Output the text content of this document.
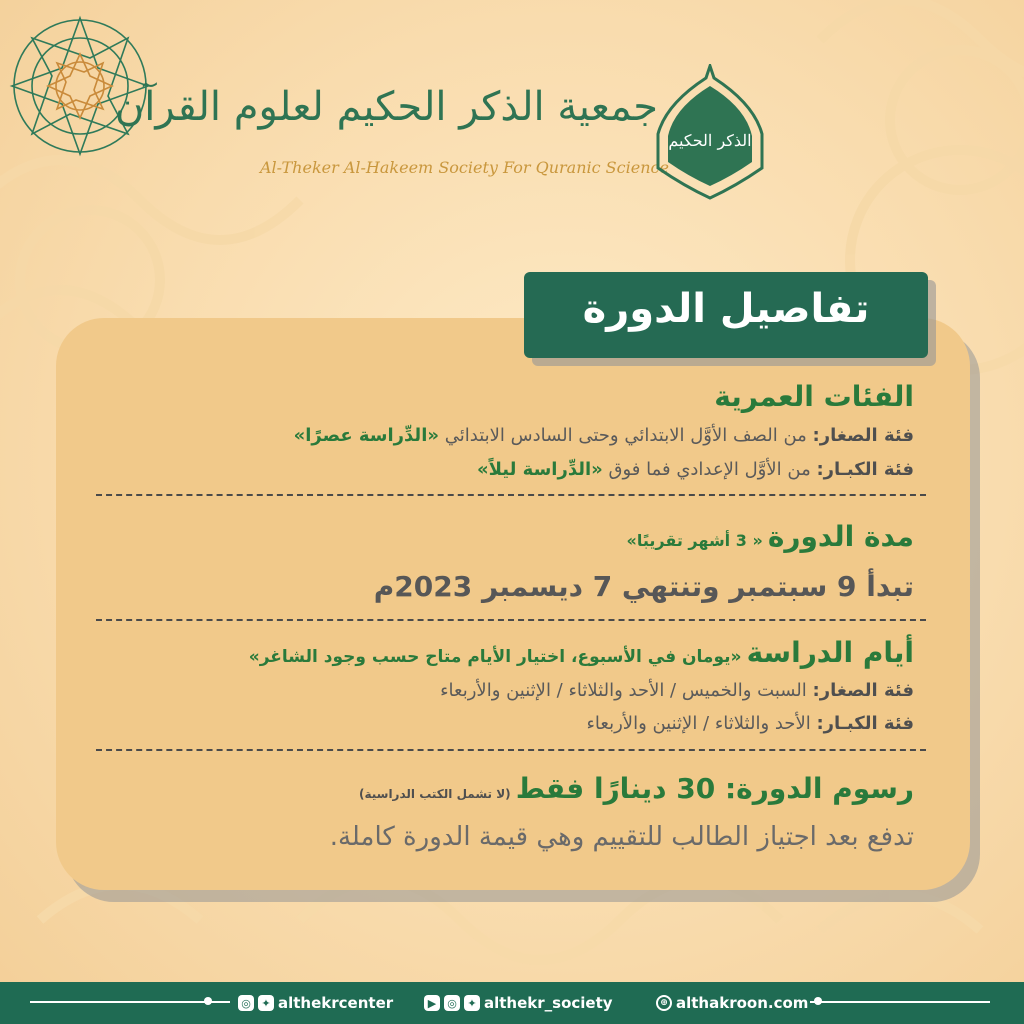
جمعية الذكر الحكيم لعلوم القرآن
Al-Theker Al-Hakeem Society For Quranic Science
الذكر الحكيم
تفاصيل الدورة
الفئات العمرية
فئة الصغار: من الصف الأوَّل الابتدائي وحتى السادس الابتدائي «الدِّراسة عصرًا»
فئة الكبـار: من الأوَّل الإعدادي فما فوق «الدِّراسة ليلاً»
مدة الدورة « 3 أشهر تقريبًا»
تبدأ 9 سبتمبر وتنتهي 7 ديسمبر 2023م
أيام الدراسة «يومان في الأسبوع، اختيار الأيام متاح حسب وجود الشاغر»
فئة الصغار: السبت والخميس / الأحد والثلاثاء / الإثنين والأربعاء
فئة الكبـار: الأحد والثلاثاء / الإثنين والأربعاء
رسوم الدورة: 30 دينارًا فقط (لا تشمل الكتب الدراسية)
تدفع بعد اجتياز الطالب للتقييم وهي قيمة الدورة كاملة.
◎ ✦ althekrcenter	▶ ◎ ✦ althekr_society	⊕ althakroon.com
